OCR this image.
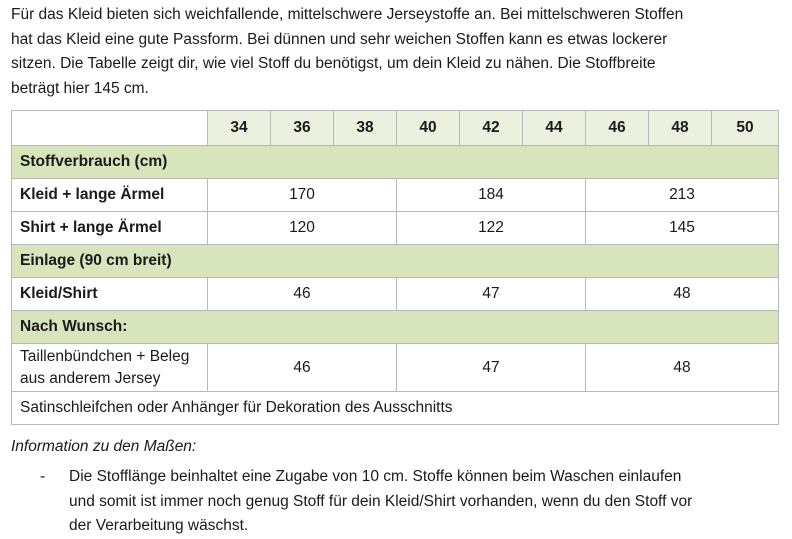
Für das Kleid bieten sich weichfallende, mittelschwere Jerseystoffe an. Bei mittelschweren Stoffen
hat das Kleid eine gute Passform. Bei dünnen und sehr weichen Stoffen kann es etwas lockerer
sitzen. Die Tabelle zeigt dir, wie viel Stoff du benötigst, um dein Kleid zu nähen. Die Stoffbreite
beträgt hier 145 cm.

	34	36	38	40	42	44	46	48	50
Stoffverbrauch (cm)									
Kleid + lange Ärmel	170			184			213		
Shirt + lange Ärmel	120			122			145		
Einlage (90 cm breit)									
Kleid/Shirt	46			47			48		
Nach Wunsch:									
Taillenbündchen + Beleg
aus anderem Jersey	46			47			48		
Satinschleifchen oder Anhänger für Dekoration des Ausschnitts									

Information zu den Maßen:

- Die Stofflänge beinhaltet eine Zugabe von 10 cm. Stoffe können beim Waschen einlaufen
und somit ist immer noch genug Stoff für dein Kleid/Shirt vorhanden, wenn du den Stoff vor
der Verarbeitung wäschst.
